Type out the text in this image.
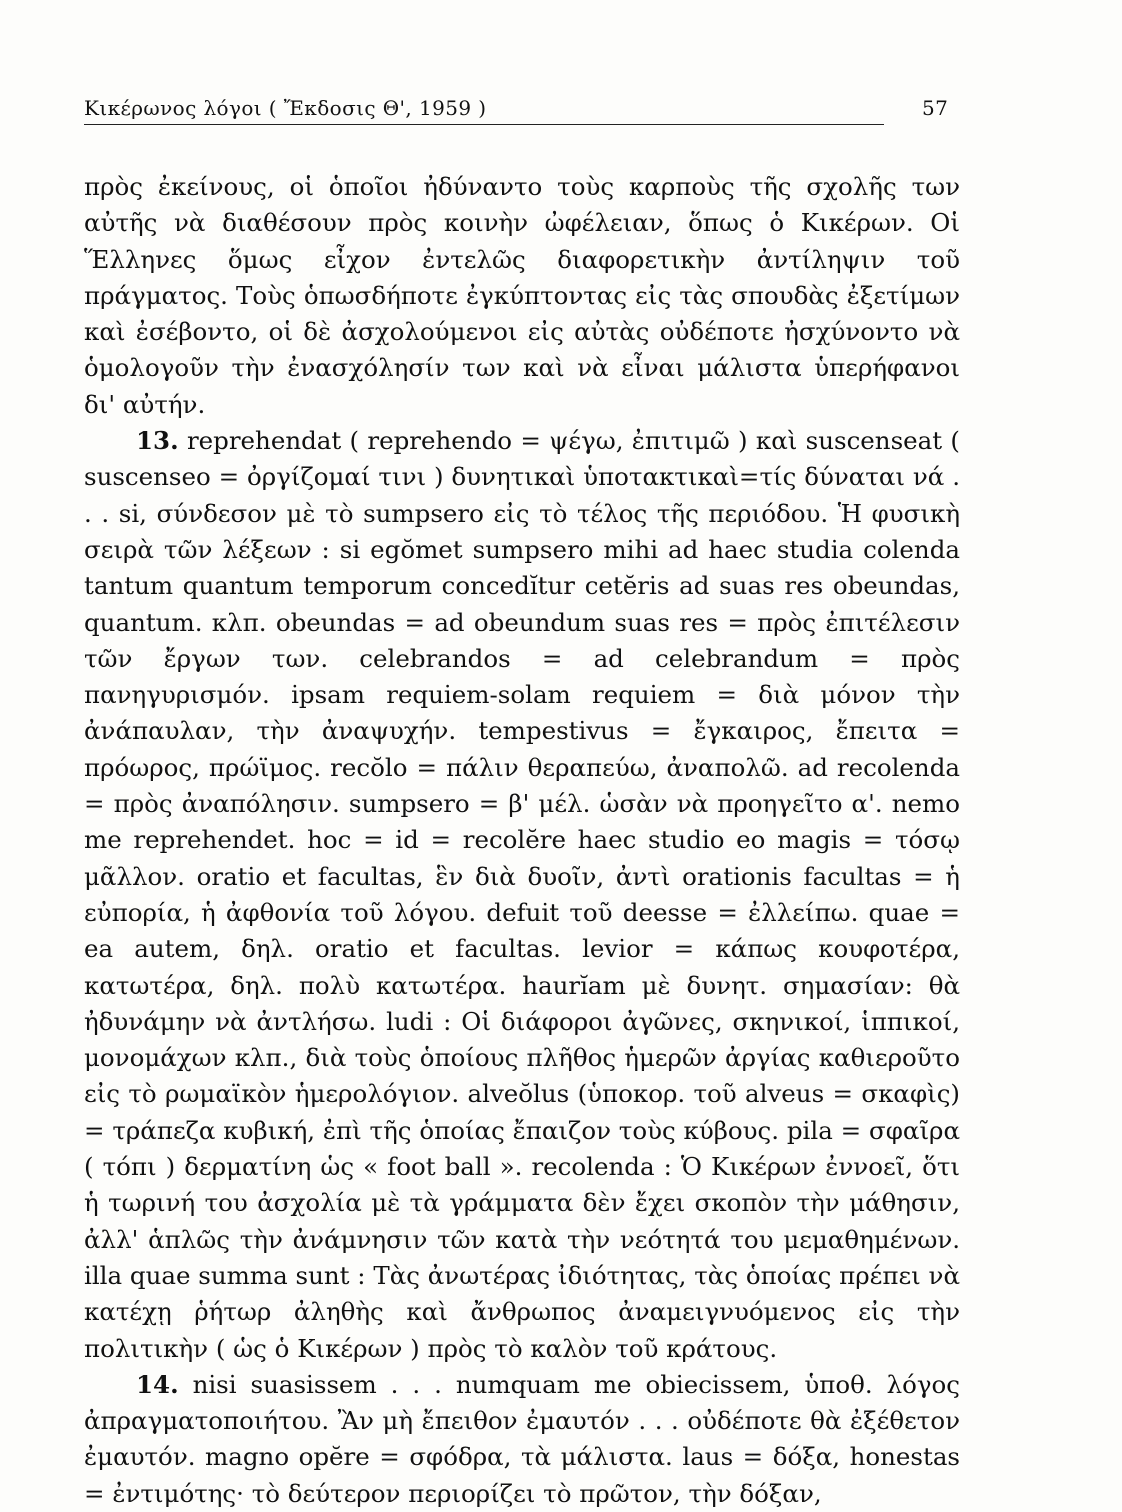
Κικέρωνος λόγοι ( Ἔκδοσις Θ', 1959 )	57

πρὸς ἐκείνους, οἱ ὁποῖοι ἠδύναντο τοὺς καρποὺς τῆς σχολῆς των αὐτῆς νὰ διαθέσουν πρὸς κοινὴν ὠφέλειαν, ὅπως ὁ Κικέρων. Οἱ Ἕλληνες ὅμως εἶχον ἐντελῶς διαφορετικὴν ἀντίληψιν τοῦ πράγματος. Τοὺς ὁπωσδήποτε ἐγκύπτοντας εἰς τὰς σπουδὰς ἐξετίμων καὶ ἐσέβοντο, οἱ δὲ ἀσχολούμενοι εἰς αὐτὰς οὐδέποτε ἠσχύνοντο νὰ ὁμολογοῦν τὴν ἐνασχόλησίν των καὶ νὰ εἶναι μάλιστα ὑπερήφανοι δι' αὐτήν.

13. reprehendat ( reprehendo = ψέγω, ἐπιτιμῶ ) καὶ suscenseat ( suscenseo = ὀργίζομαί τινι ) δυνητικαὶ ὑποτακτικαὶ=τίς δύναται νά . . . si, σύνδεσον μὲ τὸ sumpsero εἰς τὸ τέλος τῆς περιόδου. Ἡ φυσικὴ σειρὰ τῶν λέξεων : si egŏmet sumpsero mihi ad haec studia colenda tantum quantum temporum concedĭtur cetĕris ad suas res obeundas, quantum. κλπ. obeundas = ad obeundum suas res = πρὸς ἐπιτέλεσιν τῶν ἔργων των. celebrandos = ad celebrandum = πρὸς πανηγυρισμόν. ipsam requiem-solam requiem = διὰ μόνον τὴν ἀνάπαυλαν, τὴν ἀναψυχήν. tempestivus = ἔγκαιρος, ἔπειτα = πρόωρος, πρώϊμος. recŏlo = πάλιν θεραπεύω, ἀναπολῶ. ad recolenda = πρὸς ἀναπόλησιν. sumpsero = β' μέλ. ὡσὰν νὰ προηγεῖτο α'. nemo me reprehendet. hoc = id = recolĕre haec studio eo magis = τόσῳ μᾶλλον. oratio et facultas, ἓν διὰ δυοῖν, ἀντὶ orationis facultas = ἡ εὐπορία, ἡ ἀφθονία τοῦ λόγου. defuit τοῦ deesse = ἐλλείπω. quae = ea autem, δηλ. oratio et facultas. levior = κάπως κουφοτέρα, κατωτέρα, δηλ. πολὺ κατωτέρα. haurĭam μὲ δυνητ. σημασίαν: θὰ ἠδυνάμην νὰ ἀντλήσω. ludi : Οἱ διάφοροι ἀγῶνες, σκηνικοί, ἱππικοί, μονομάχων κλπ., διὰ τοὺς ὁποίους πλῆθος ἡμερῶν ἀργίας καθιεροῦτο εἰς τὸ ρωμαϊκὸν ἡμερολόγιον. alveŏlus (ὑποκορ. τοῦ alveus = σκαφὶς) = τράπεζα κυβική, ἐπὶ τῆς ὁποίας ἔπαιζον τοὺς κύβους. pila = σφαῖρα ( τόπι ) δερματίνη ὡς « foot ball ». recolenda : Ὁ Κικέρων ἐννοεῖ, ὅτι ἡ τωρινή του ἀσχολία μὲ τὰ γράμματα δὲν ἔχει σκοπὸν τὴν μάθησιν, ἀλλ' ἁπλῶς τὴν ἀνάμνησιν τῶν κατὰ τὴν νεότητά του μεμαθημένων. illa quae summa sunt : Τὰς ἀνωτέρας ἰδιότητας, τὰς ὁποίας πρέπει νὰ κατέχῃ ῥήτωρ ἀληθὴς καὶ ἄνθρωπος ἀναμειγνυόμενος εἰς τὴν πολιτικὴν ( ὡς ὁ Κικέρων ) πρὸς τὸ καλὸν τοῦ κράτους.

14. nisi suasissem . . . numquam me obiecissem, ὑποθ. λόγος ἀπραγματοποιήτου. Ἂν μὴ ἔπειθον ἐμαυτόν . . . οὐδέποτε θὰ ἐξέθετον ἐμαυτόν. magno opĕre = σφόδρα, τὰ μάλιστα. laus = δόξα, honestas = ἐντιμότης· τὸ δεύτερον περιορίζει τὸ πρῶτον, τὴν δόξαν,
